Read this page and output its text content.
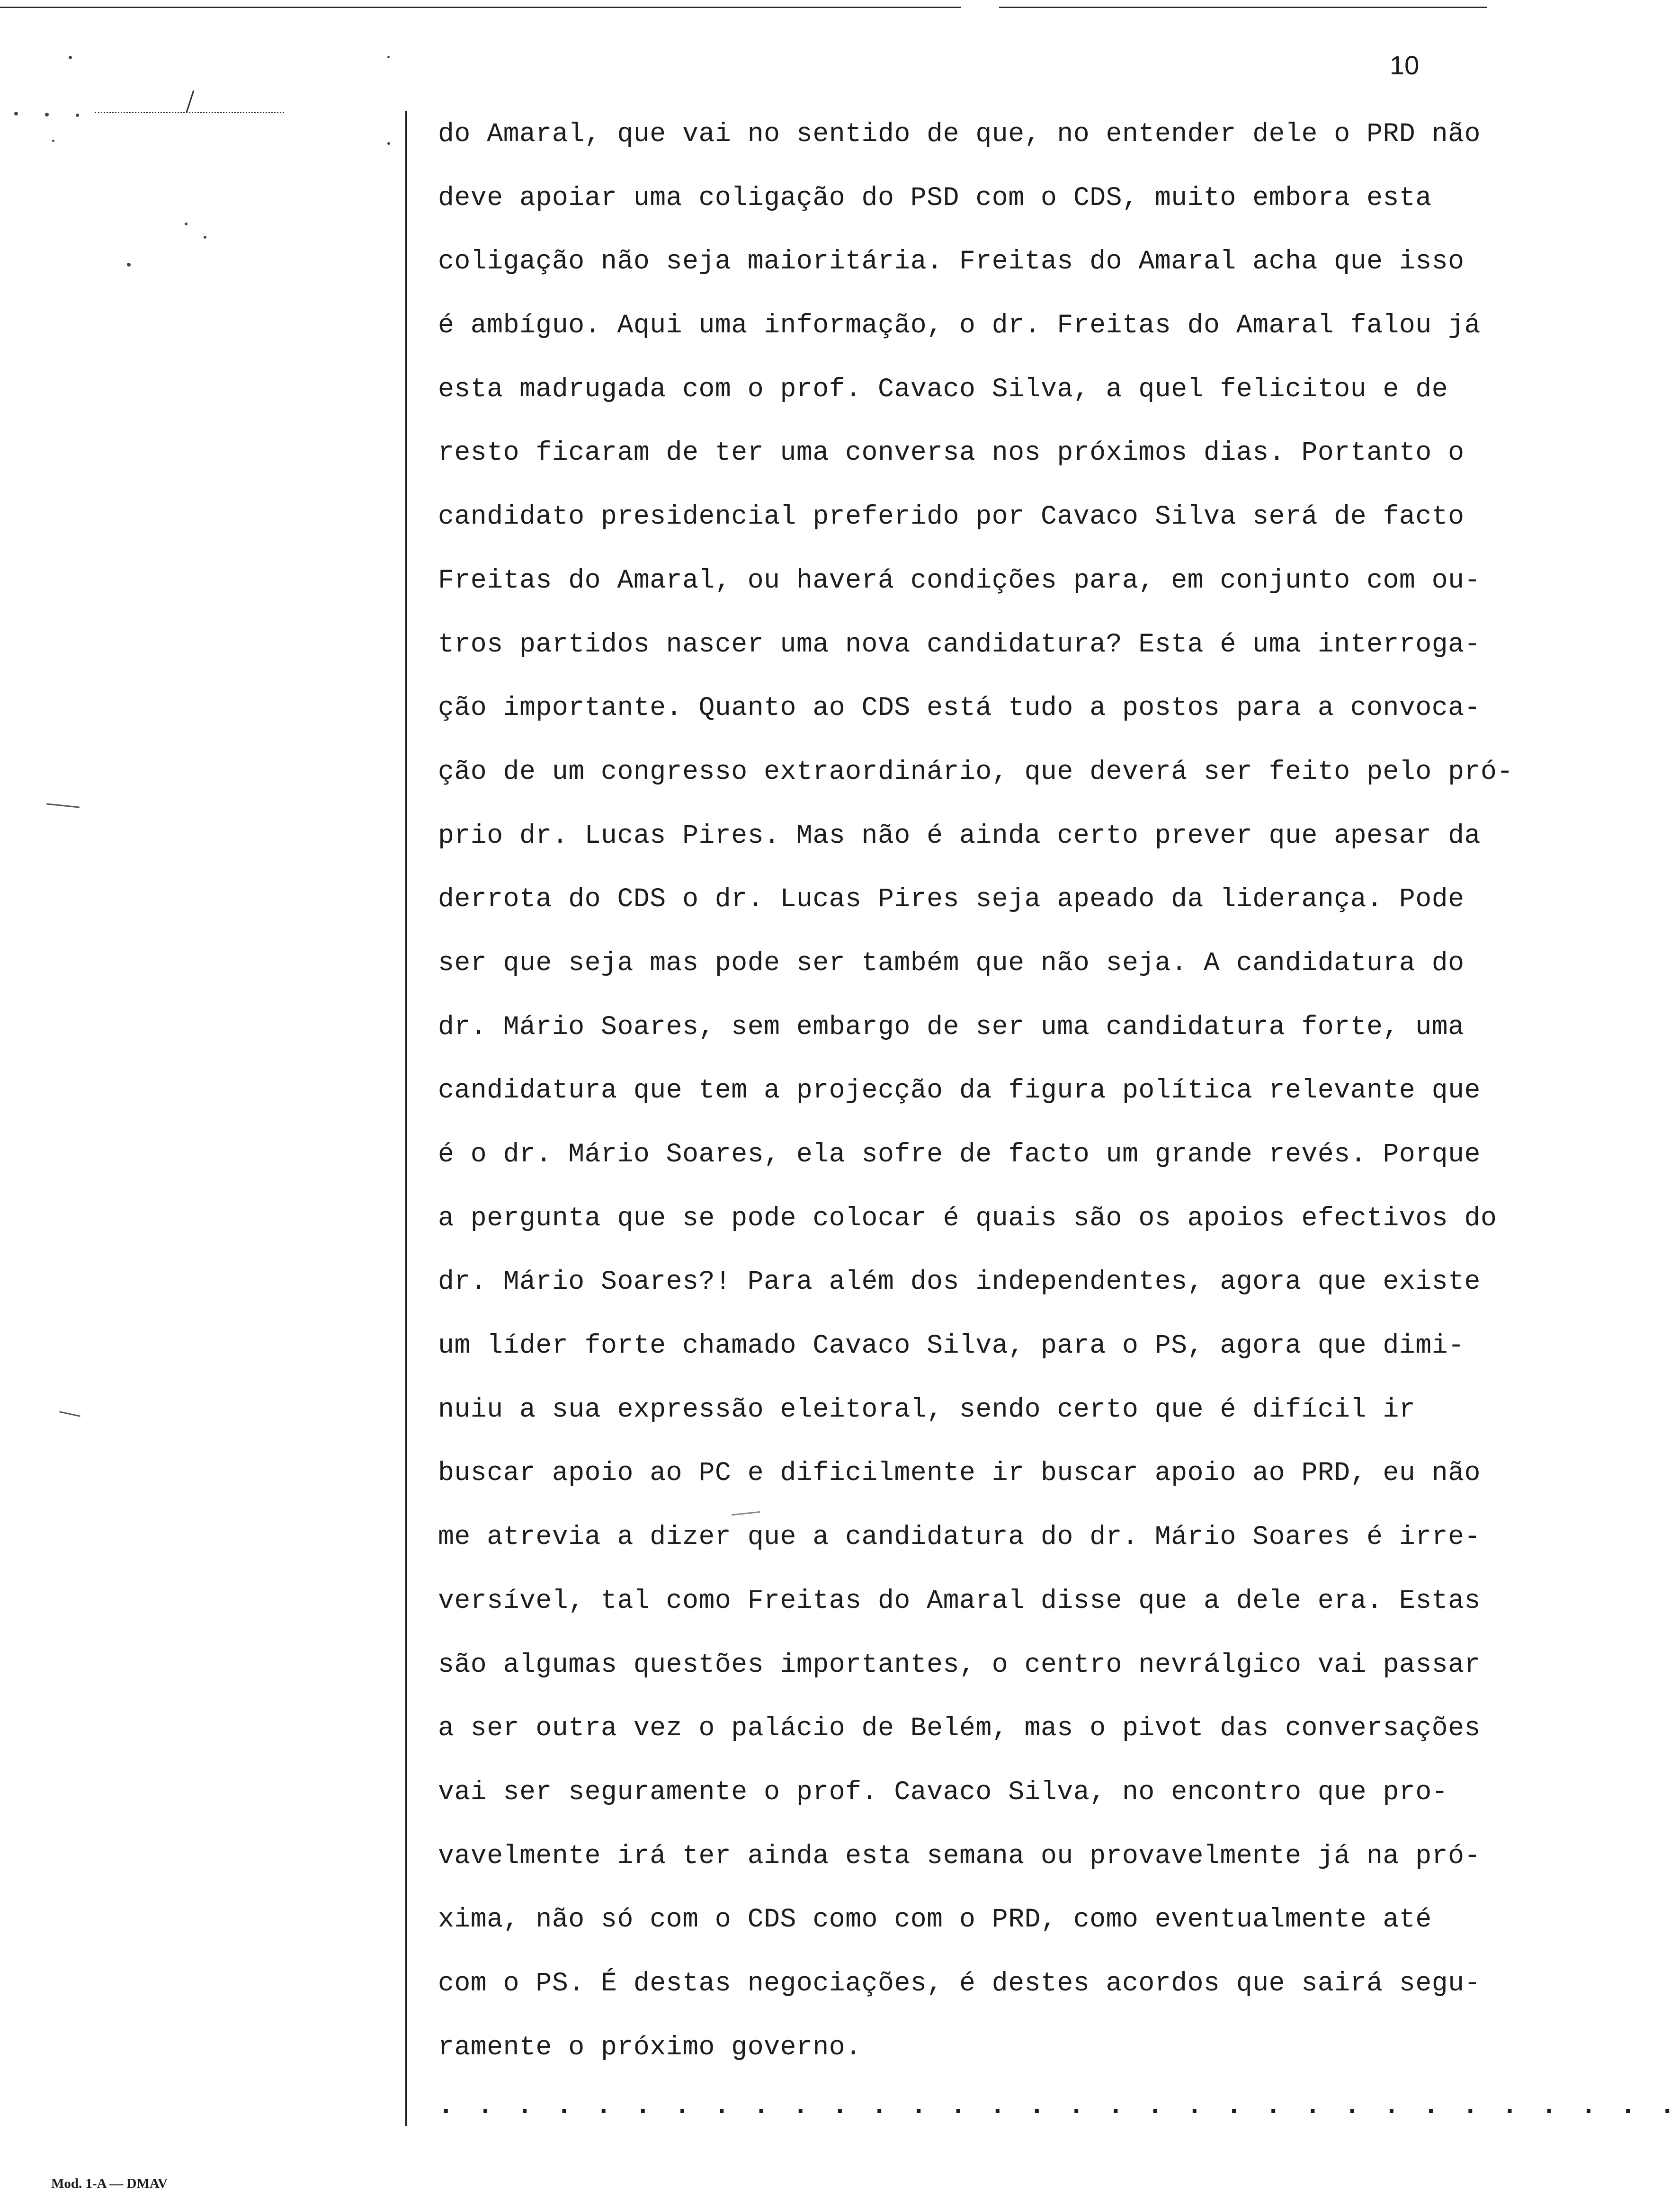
10
do Amaral, que vai no sentido de que, no entender dele o PRD não
deve apoiar uma coligação do PSD com o CDS, muito embora esta
coligação não seja maioritária. Freitas do Amaral acha que isso
é ambíguo. Aqui uma informação, o dr. Freitas do Amaral falou já
esta madrugada com o prof. Cavaco Silva, a quel felicitou e de
resto ficaram de ter uma conversa nos próximos dias. Portanto o
candidato presidencial preferido por Cavaco Silva será de facto
Freitas do Amaral, ou haverá condições para, em conjunto com ou-
tros partidos nascer uma nova candidatura? Esta é uma interroga-
ção importante. Quanto ao CDS está tudo a postos para a convoca-
ção de um congresso extraordinário, que deverá ser feito pelo pró-
prio dr. Lucas Pires. Mas não é ainda certo prever que apesar da
derrota do CDS o dr. Lucas Pires seja apeado da liderança. Pode
ser que seja mas pode ser também que não seja. A candidatura do
dr. Mário Soares, sem embargo de ser uma candidatura forte, uma
candidatura que tem a projecção da figura política relevante que
é o dr. Mário Soares, ela sofre de facto um grande revés. Porque
a pergunta que se pode colocar é quais são os apoios efectivos do
dr. Mário Soares?! Para além dos independentes, agora que existe
um líder forte chamado Cavaco Silva, para o PS, agora que dimi-
nuiu a sua expressão eleitoral, sendo certo que é difícil ir
buscar apoio ao PC e dificilmente ir buscar apoio ao PRD, eu não
me atrevia a dizer que a candidatura do dr. Mário Soares é irre-
versível, tal como Freitas do Amaral disse que a dele era. Estas
são algumas questões importantes, o centro nevrálgico vai passar
a ser outra vez o palácio de Belém, mas o pivot das conversações
vai ser seguramente o prof. Cavaco Silva, no encontro que pro-
vavelmente irá ter ainda esta semana ou provavelmente já na pró-
xima, não só com o CDS como com o PRD, como eventualmente até
com o PS. É destas negociações, é destes acordos que sairá segu-
ramente o próximo governo.
. . . . . . . . . . . . . . . . . . . . . . . . . . . . . . . .
Mod. 1-A — DMAV
